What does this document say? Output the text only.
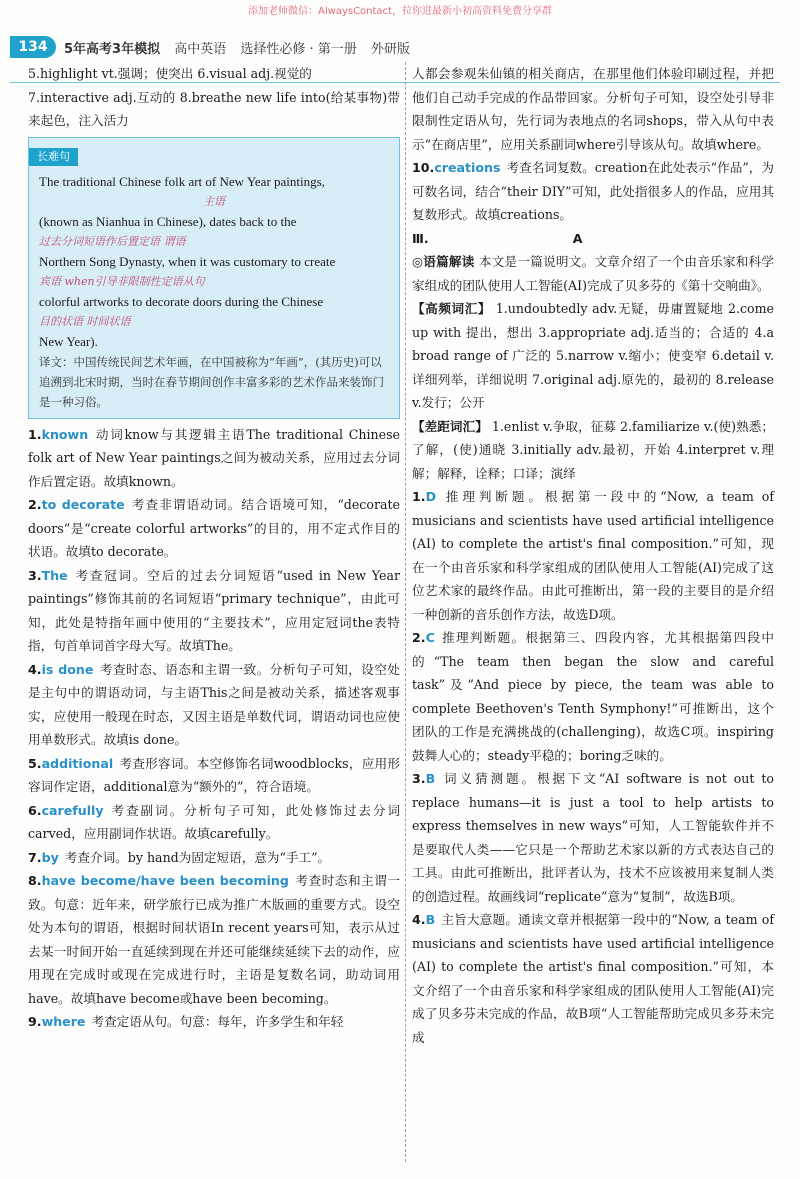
添加老师微信：AlwaysContact，拉你进最新小初高资料免费分享群
134	5年高考3年模拟 高中英语 选择性必修 · 第一册 外研版

5.highlight vt.强调；使突出 6.visual adj.视觉的

7.interactive adj.互动的 8.breathe new life into(给某事物)带来起色，注入活力

长难句
The traditional Chinese folk art of New Year paintings,
主语
(known as Nianhua in Chinese), dates back to the
过去分词短语作后置定语 谓语
Northern Song Dynasty, when it was customary to create
宾语 when引导非限制性定语从句
colorful artworks to decorate doors during the Chinese
目的状语 时间状语
New Year).
译文：中国传统民间艺术年画，在中国被称为“年画”，(其历史)可以追溯到北宋时期，当时在春节期间创作丰富多彩的艺术作品来装饰门是一种习俗。

1.known 动词know与其逻辑主语The traditional Chinese folk art of New Year paintings之间为被动关系，应用过去分词作后置定语。故填known。

2.to decorate 考查非谓语动词。结合语境可知，“decorate doors”是“create colorful artworks”的目的，用不定式作目的状语。故填to decorate。

3.The 考查冠词。空后的过去分词短语“used in New Year paintings”修饰其前的名词短语“primary technique”，由此可知，此处是特指年画中使用的“主要技术”，应用定冠词the表特指，句首单词首字母大写。故填The。

4.is done 考查时态、语态和主谓一致。分析句子可知，设空处是主句中的谓语动词，与主语This之间是被动关系，描述客观事实，应使用一般现在时态，又因主语是单数代词，谓语动词也应使用单数形式。故填is done。

5.additional 考查形容词。本空修饰名词woodblocks，应用形容词作定语，additional意为“额外的”，符合语境。

6.carefully 考查副词。分析句子可知，此处修饰过去分词carved，应用副词作状语。故填carefully。

7.by 考查介词。by hand为固定短语，意为“手工”。

8.have become/have been becoming 考查时态和主谓一致。句意：近年来，研学旅行已成为推广木版画的重要方式。设空处为本句的谓语，根据时间状语In recent years可知，表示从过去某一时间开始一直延续到现在并还可能继续延续下去的动作，应用现在完成时或现在完成进行时，主语是复数名词，助动词用have。故填have become或have been becoming。

9.where 考查定语从句。句意：每年，许多学生和年轻

人都会参观朱仙镇的相关商店，在那里他们体验印刷过程，并把他们自己动手完成的作品带回家。分析句子可知，设空处引导非限制性定语从句，先行词为表地点的名词shops，带入从句中表示“在商店里”，应用关系副词where引导该从句。故填where。

10.creations 考查名词复数。creation在此处表示“作品”，为可数名词，结合“their DIY”可知，此处指很多人的作品，应用其复数形式。故填creations。

Ⅲ.	A

◎语篇解读 本文是一篇说明文。文章介绍了一个由音乐家和科学家组成的团队使用人工智能(AI)完成了贝多芬的《第十交响曲》。

【高频词汇】 1.undoubtedly adv.无疑，毋庸置疑地 2.come up with 提出，想出 3.appropriate adj.适当的；合适的 4.a broad range of 广泛的 5.narrow v.缩小；使变窄 6.detail v.详细列举，详细说明 7.original adj.原先的，最初的 8.release v.发行；公开

【差距词汇】 1.enlist v.争取，征募 2.familiarize v.(使)熟悉；了解，(使)通晓 3.initially adv.最初，开始 4.interpret v.理解；解释，诠释；口译；演绎

1.D 推理判断题。根据第一段中的“Now, a team of musicians and scientists have used artificial intelligence (AI) to complete the artist's final composition.”可知，现在一个由音乐家和科学家组成的团队使用人工智能(AI)完成了这位艺术家的最终作品。由此可推断出，第一段的主要目的是介绍一种创新的音乐创作方法，故选D项。

2.C 推理判断题。根据第三、四段内容，尤其根据第四段中的“The team then began the slow and careful task”及“And piece by piece, the team was able to complete Beethoven's Tenth Symphony!”可推断出，这个团队的工作是充满挑战的(challenging)，故选C项。inspiring鼓舞人心的；steady平稳的；boring乏味的。

3.B 词义猜测题。根据下文“AI software is not out to replace humans—it is just a tool to help artists to express themselves in new ways”可知，人工智能软件并不是要取代人类——它只是一个帮助艺术家以新的方式表达自己的工具。由此可推断出，批评者认为，技术不应该被用来复制人类的创造过程。故画线词“replicate”意为“复制”，故选B项。

4.B 主旨大意题。通读文章并根据第一段中的“Now, a team of musicians and scientists have used artificial intelligence (AI) to complete the artist's final composition.”可知，本文介绍了一个由音乐家和科学家组成的团队使用人工智能(AI)完成了贝多芬未完成的作品，故B项“人工智能帮助完成贝多芬未完成
